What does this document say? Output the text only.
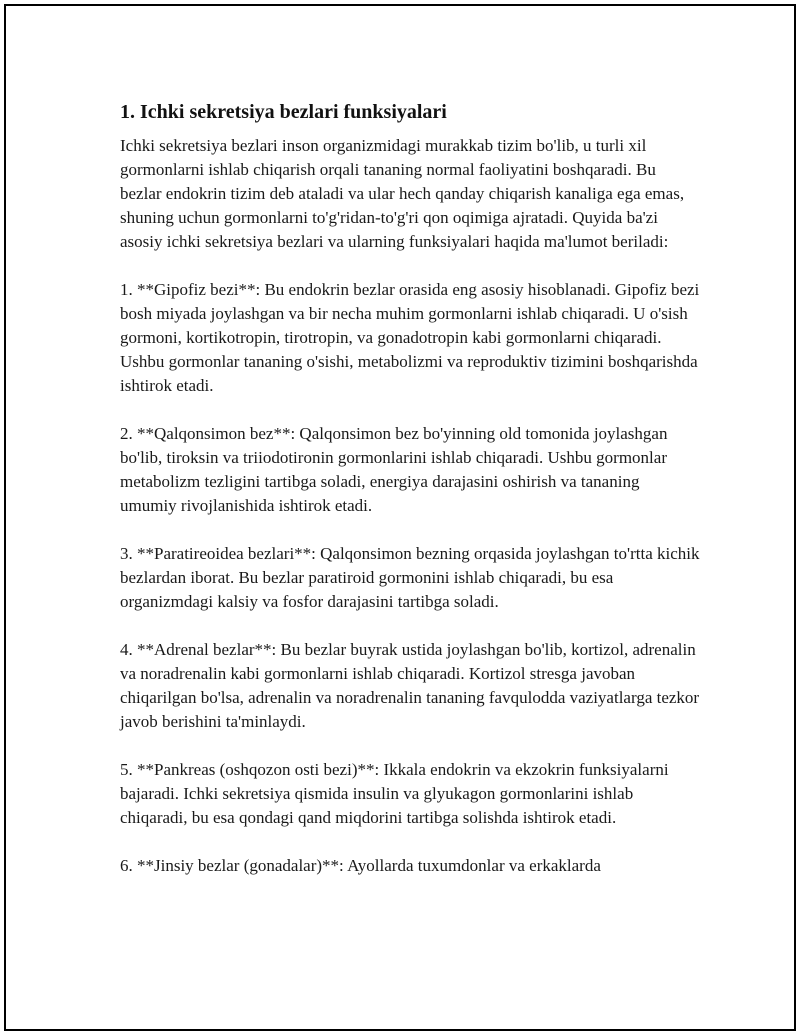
1. Ichki sekretsiya bezlari funksiyalari

Ichki sekretsiya bezlari inson organizmidagi murakkab tizim bo'lib, u turli xil gormonlarni ishlab chiqarish orqali tananing normal faoliyatini boshqaradi. Bu bezlar endokrin tizim deb ataladi va ular hech qanday chiqarish kanaliga ega emas, shuning uchun gormonlarni to'g'ridan-to'g'ri qon oqimiga ajratadi. Quyida ba'zi asosiy ichki sekretsiya bezlari va ularning funksiyalari haqida ma'lumot beriladi:

1. **Gipofiz bezi**: Bu endokrin bezlar orasida eng asosiy hisoblanadi. Gipofiz bezi bosh miyada joylashgan va bir necha muhim gormonlarni ishlab chiqaradi. U o'sish gormoni, kortikotropin, tirotropin, va gonadotropin kabi gormonlarni chiqaradi. Ushbu gormonlar tananing o'sishi, metabolizmi va reproduktiv tizimini boshqarishda ishtirok etadi.

2. **Qalqonsimon bez**: Qalqonsimon bez bo'yinning old tomonida joylashgan bo'lib, tiroksin va triiodotironin gormonlarini ishlab chiqaradi. Ushbu gormonlar metabolizm tezligini tartibga soladi, energiya darajasini oshirish va tananing umumiy rivojlanishida ishtirok etadi.

3. **Paratireoidea bezlari**: Qalqonsimon bezning orqasida joylashgan to'rtta kichik bezlardan iborat. Bu bezlar paratiroid gormonini ishlab chiqaradi, bu esa organizmdagi kalsiy va fosfor darajasini tartibga soladi.

4. **Adrenal bezlar**: Bu bezlar buyrak ustida joylashgan bo'lib, kortizol, adrenalin va noradrenalin kabi gormonlarni ishlab chiqaradi. Kortizol stresga javoban chiqarilgan bo'lsa, adrenalin va noradrenalin tananing favqulodda vaziyatlarga tezkor javob berishini ta'minlaydi.

5. **Pankreas (oshqozon osti bezi)**: Ikkala endokrin va ekzokrin funksiyalarni bajaradi. Ichki sekretsiya qismida insulin va glyukagon gormonlarini ishlab chiqaradi, bu esa qondagi qand miqdorini tartibga solishda ishtirok etadi.

6. **Jinsiy bezlar (gonadalar)**: Ayollarda tuxumdonlar va erkaklarda
